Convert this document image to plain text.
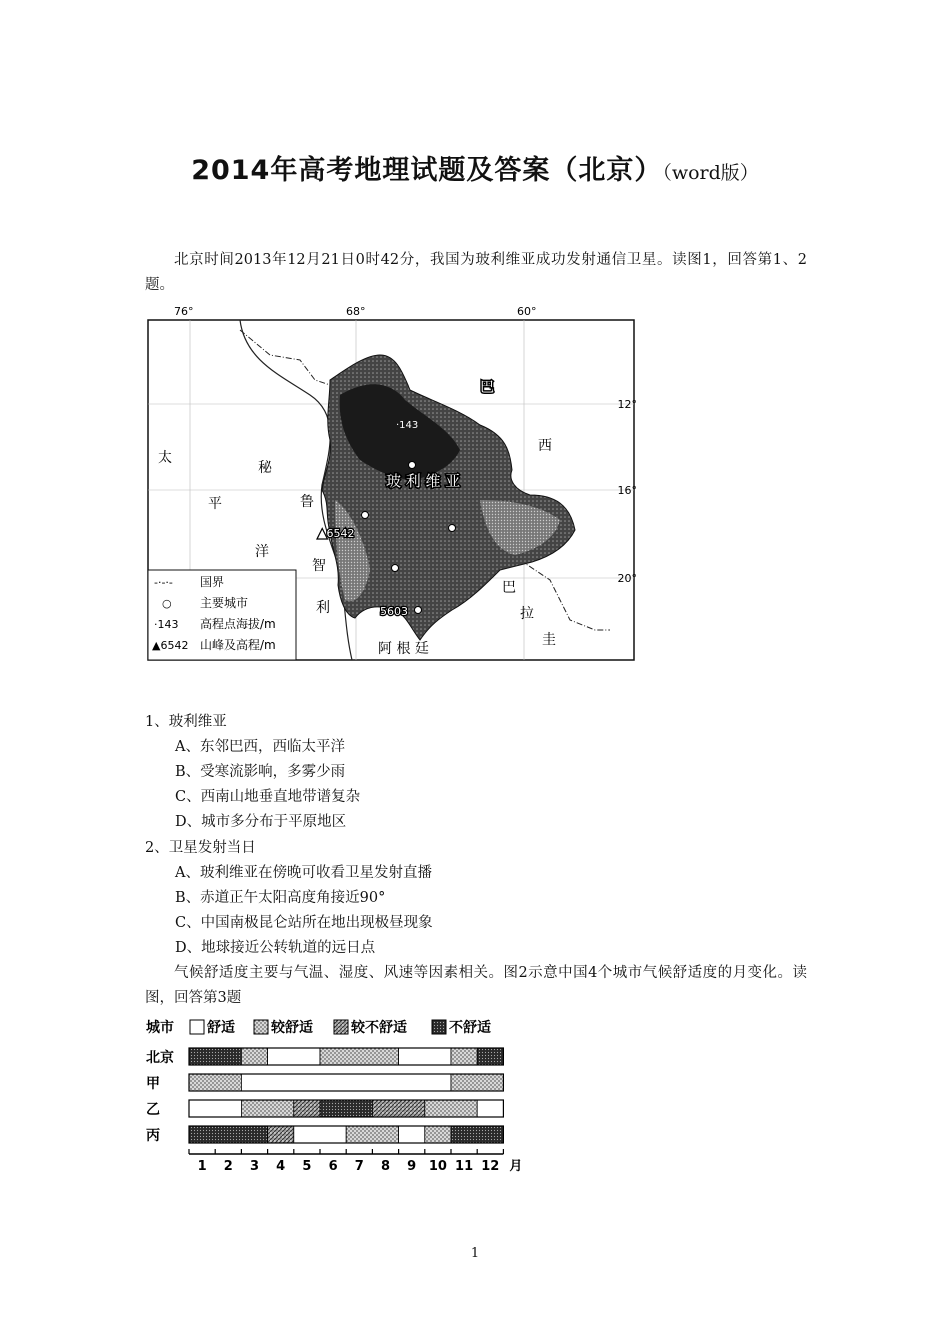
2014年高考地理试题及答案（北京）（word版）
北京时间2013年12月21日0时42分，我国为玻利维亚成功发射通信卫星。读图1，回答第1、2题。
76°	68°	60°
12°
16°
20°
巴
西
太
平
洋
秘
鲁
智
利
玻 利 维 亚
巴
拉
圭
阿 根 廷
·143
▲6542
5603
-·-·- 国界
○ 主要城市
·143 高程点海拔/m
▲6542 山峰及高程/m

1、玻利维亚

A、东邻巴西，西临太平洋

B、受寒流影响，多雾少雨

C、西南山地垂直地带谱复杂

D、城市多分布于平原地区

2、卫星发射当日

A、玻利维亚在傍晚可收看卫星发射直播

B、赤道正午太阳高度角接近90°

C、中国南极昆仑站所在地出现极昼现象

D、地球接近公转轨道的远日点

气候舒适度主要与气温、湿度、风速等因素相关。图2示意中国4个城市气候舒适度的月变化。读图，回答第3题
城市 舒适	较舒适	较不舒适	不舒适
北京
甲
乙
丙
1 2 3 4 5 6 7 8 9 10 11 12 月
1
